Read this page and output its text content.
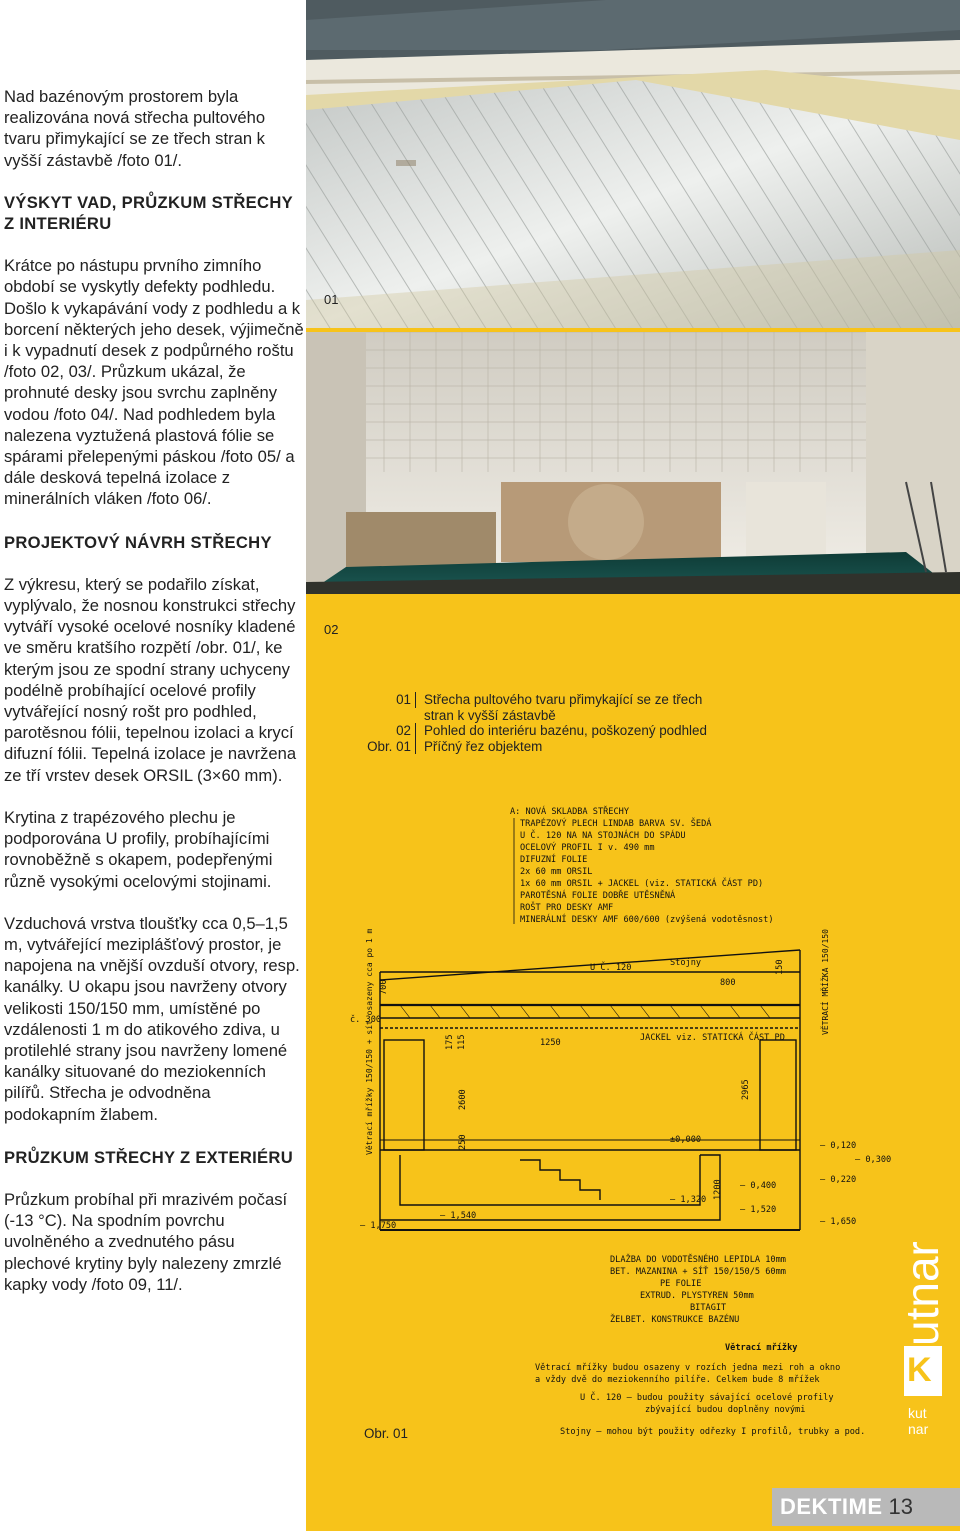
01
02
01 Střecha pultového tvaru přimykající se ze třech
stran k vyšší zástavbě
02 Pohled do interiéru bazénu, poškozený podhled
Obr. 01 Příčný řez objektem
A: NOVÁ SKLADBA STŘECHY
TRAPÉZOVÝ PLECH LINDAB BARVA SV. ŠEDÁ
U Č. 120 NA NA STOJNÁCH DO SPÁDU
OCELOVÝ PROFIL I v. 490 mm
DIFUZNÍ FOLIE
2x 60 mm ORSIL
1x 60 mm ORSIL + JACKEL (viz. STATICKÁ ČÁST PD)
PAROTĚSNÁ FOLIE DOBŘE UTĚSNĚNÁ
ROŠT PRO DESKY AMF
MINERÁLNÍ DESKY AMF 600/600 (zvýšená vodotěsnost)
U Č. 120	Stojny
800
č. 300
1250	JACKEL viz. STATICKÁ ČÁST PD
±0,000
– 0,120
– 0,300
– 0,220
– 0,400
– 1,320
– 1,520
– 1,540
– 1,650
– 1,750
700
150
2600	2965
1200
250
175 115
Větrací mřížky 150/150 + síť osazeny cca po 1 m	VĚTRACÍ MŘÍŽKA 150/150
DLAŽBA DO VODOTĚSNÉHO LEPIDLA 10mm
BET. MAZANINA + SÍŤ 150/150/5 60mm
PE FOLIE
EXTRUD. PLYSTYREN 50mm
BITAGIT
ŽELBET. KONSTRUKCE BAZÉNU
Větrací mřížky
Větrací mřížky budou osazeny v rozích jedna mezi roh a okno
a vždy dvě do meziokenního pilíře. Celkem bude 8 mřížek
U Č. 120 – budou použity sávající ocelové profily
zbývající budou doplněny novými
Stojny – mohou být použity odřezky I profilů, trubky a pod.
Obr. 01
utnar
K
kut
nar

Nad bazénovým prostorem byla realizována nová střecha pultového tvaru přimykající se ze třech stran k vyšší zástavbě /foto 01/.

VÝSKYT VAD, PRŮZKUM STŘECHY Z INTERIÉRU

Krátce po nástupu prvního zimního období se vyskytly defekty podhledu. Došlo k vykapávání vody z podhledu a k borcení některých jeho desek, výjimečně i k vypadnutí desek z podpůrného roštu /foto 02, 03/. Průzkum ukázal, že prohnuté desky jsou svrchu zaplněny vodou /foto 04/. Nad podhledem byla nalezena vyztužená plastová fólie se spárami přelepenými páskou /foto 05/ a dále desková tepelná izolace z minerálních vláken /foto 06/.

PROJEKTOVÝ NÁVRH STŘECHY

Z výkresu, který se podařilo získat, vyplývalo, že nosnou konstrukci střechy vytváří vysoké ocelové nosníky kladené ve směru kratšího rozpětí /obr. 01/, ke kterým jsou ze spodní strany uchyceny podélně probíhající ocelové profily vytvářející nosný rošt pro podhled, parotěsnou fólii, tepelnou izolaci a krycí difuzní fólii. Tepelná izolace je navržena ze tří vrstev desek ORSIL (3×60 mm).

Krytina z trapézového plechu je podporována U profily, probíhajícími rovnoběžně s okapem, podepřenými různě vysokými ocelovými stojinami.

Vzduchová vrstva tloušťky cca 0,5–1,5 m, vytvářející meziplášťový prostor, je napojena na vnější ovzduší otvory, resp. kanálky. U okapu jsou navrženy otvory velikosti 150/150 mm, umístěné po vzdálenosti 1 m do atikového zdiva, u protilehlé strany jsou navrženy lomené kanálky situované do meziokenních pilířů. Střecha je odvodněna podokapním žlabem.

PRŮZKUM STŘECHY Z EXTERIÉRU

Průzkum probíhal při mrazivém počasí (-13 °C). Na spodním povrchu uvolněného a zvednutého pásu plechové krytiny byly nalezeny zmrzlé kapky vody /foto 09, 11/.

DEKTIME 13
